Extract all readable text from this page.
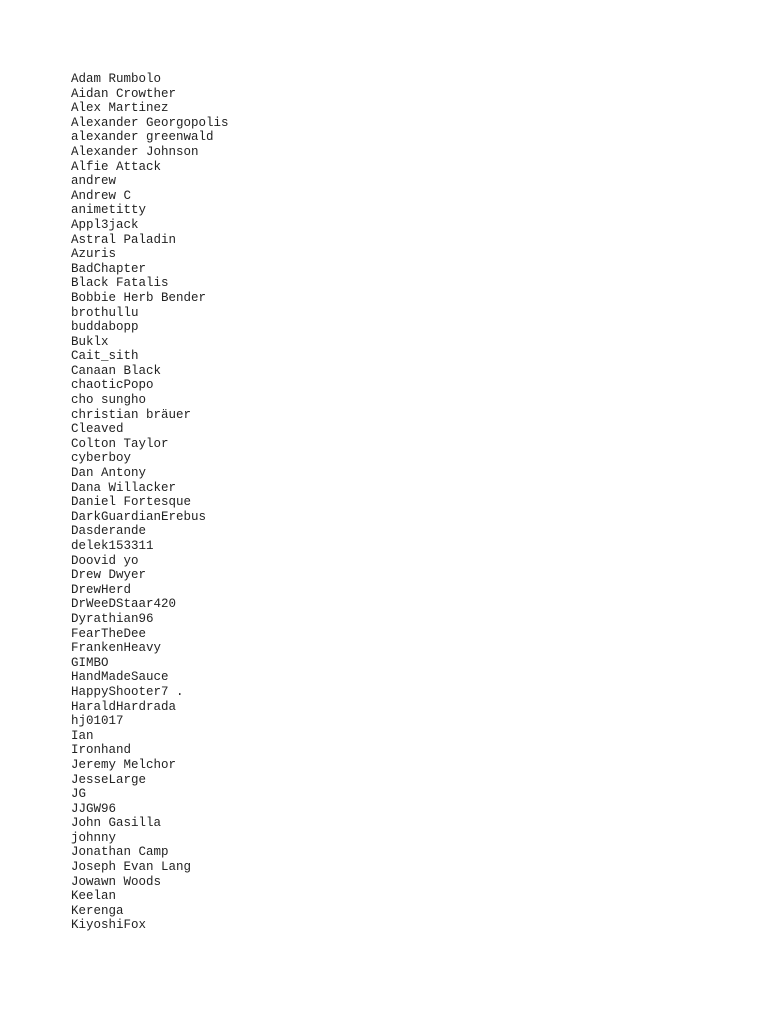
Adam Rumbolo
Aidan Crowther
Alex Martinez
Alexander Georgopolis
alexander greenwald
Alexander Johnson
Alfie Attack
andrew
Andrew C
animetitty
Appl3jack
Astral Paladin
Azuris
BadChapter
Black Fatalis
Bobbie Herb Bender
brothullu
buddabopp
Buklx
Cait_sith
Canaan Black
chaoticPopo
cho sungho
christian bräuer
Cleaved
Colton Taylor
cyberboy
Dan Antony
Dana Willacker
Daniel Fortesque
DarkGuardianErebus
Dasderande
delek153311
Doovid yo
Drew Dwyer
DrewHerd
DrWeeDStaar420
Dyrathian96
FearTheDee
FrankenHeavy
GIMBO
HandMadeSauce
HappyShooter7 .
HaraldHardrada
hj01017
Ian
Ironhand
Jeremy Melchor
JesseLarge
JG
JJGW96
John Gasilla
johnny
Jonathan Camp
Joseph Evan Lang
Jowawn Woods
Keelan
Kerenga
KiyoshiFox
